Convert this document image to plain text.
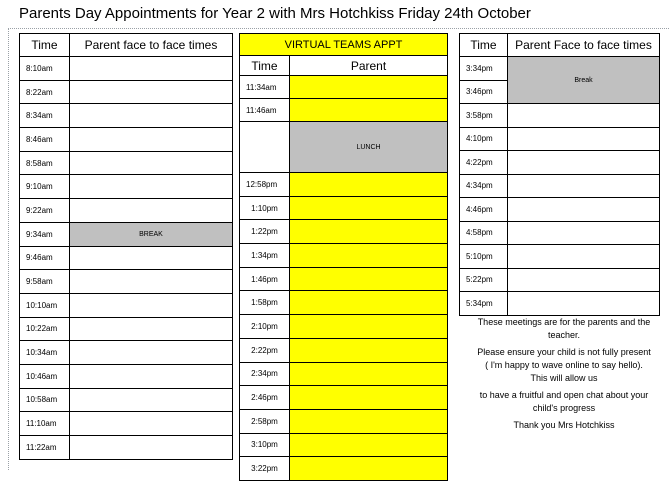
Parents Day Appointments for Year 2 with Mrs Hotchkiss Friday 24th October
Time	Parent face to face times
8:10am	
8:22am	
8:34am	
8:46am	
8:58am	
9:10am	
9:22am	
9:34am	BREAK
9:46am	
9:58am	
10:10am	
10:22am	
10:34am	
10:46am	
10:58am	
11:10am	
11:22am	
VIRTUAL TEAMS APPT	
Time	Parent
11:34am	
11:46am	
	LUNCH
12:58pm	
1:10pm	
1:22pm	
1:34pm	
1:46pm	
1:58pm	
2:10pm	
2:22pm	
2:34pm	
2:46pm	
2:58pm	
3:10pm	
3:22pm	
Time	Parent Face to face times
3:34pm	Break
3:46pm	
3:58pm	
4:10pm	
4:22pm	
4:34pm	
4:46pm	
4:58pm	
5:10pm	
5:22pm	
5:34pm	

These meetings are for the parents and the teacher.

Please ensure your child is not fully present ( I'm happy to wave online to say hello). This will allow us

to have a fruitful and open chat about your child's progress

Thank you Mrs Hotchkiss
